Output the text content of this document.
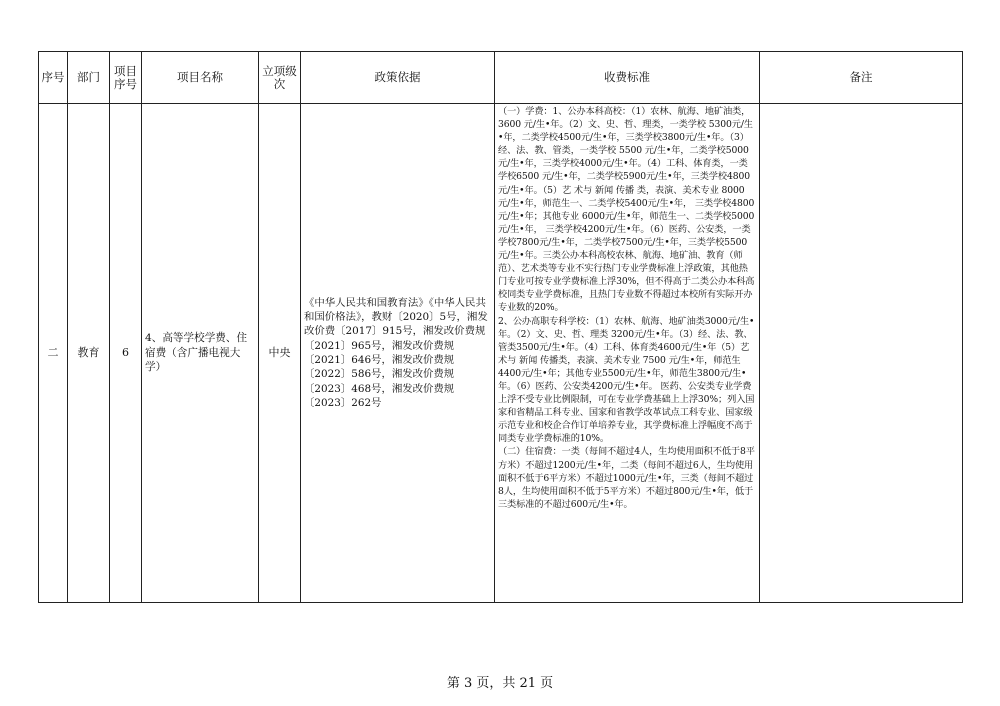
序号	部门	项目序号	项目名称	立项级次	政策依据	收费标准	备注
二	教育	6	4、高等学校学费、住宿费（含广播电视大学）	中央	《中华人民共和国教育法》《中华人民共和国价格法》，教财〔2020〕5号，湘发改价费〔2017〕915号，湘发改价费规〔2021〕965号，湘发改价费规〔2021〕646号，湘发改价费规〔2022〕586号，湘发改价费规〔2023〕468号，湘发改价费规〔2023〕262号	（一）学费：1、公办本科高校：（1）农林、航海、地矿油类，3600 元/生•年。（2）文、史、哲、理类，一类学校 5300元/生•年，二类学校4500元/生•年，三类学校3800元/生•年。（3）经、法、教、管类，一类学校 5500 元/生•年，二类学校5000 元/生•年，三类学校4000元/生•年。（4）工科、体育类，一类学校6500 元/生•年，二类学校5900元/生•年，三类学校4800元/生•年。（5）艺 术与 新闻 传播 类，表演、美术专业 8000 元/生•年，师范生一、二类学校5400元/生•年， 三类学校4800元/生•年；其他专业 6000元/生•年，师范生一、二类学校5000元/生•年， 三类学校4200元/生•年。（6）医药、公安类，一类学校7800元/生•年，二类学校7500元/生•年，三类学校5500元/生•年。三类公办本科高校农林、航海、地矿油、教育（师范）、艺术类等专业不实行热门专业学费标准上浮政策，其他热门专业可按专业学费标准上浮30%，但不得高于二类公办本科高校同类专业学费标准，且热门专业数不得超过本校所有实际开办专业数的20%。

2、公办高职专科学校：（1）农林、航海、地矿油类3000元/生•年。（2）文、史、哲、理类 3200元/生•年。（3）经、法、教、管类3500元/生•年。（4）工科、体育类4600元/生•年（5）艺 术与 新闻 传播类，表演、美术专业 7500 元/生•年，师范生4400元/生•年；其他专业5500元/生•年，师范生3800元/生•年。（6）医药、公安类4200元/生•年。 医药、公安类专业学费上浮不受专业比例限制，可在专业学费基础上上浮30%；列入国家和省精品工科专业、国家和省教学改革试点工科专业、国家级示范专业和校企合作订单培养专业，其学费标准上浮幅度不高于同类专业学费标准的10%。

（二）住宿费：一类（每间不超过4人，生均使用面积不低于8平方米）不超过1200元/生•年，二类（每间不超过6人，生均使用面积不低于6平方米）不超过1000元/生•年，三类（每间不超过8人，生均使用面积不低于5平方米）不超过800元/生•年，低于三类标准的不超过600元/生•年。	

第 3 页，共 21 页
